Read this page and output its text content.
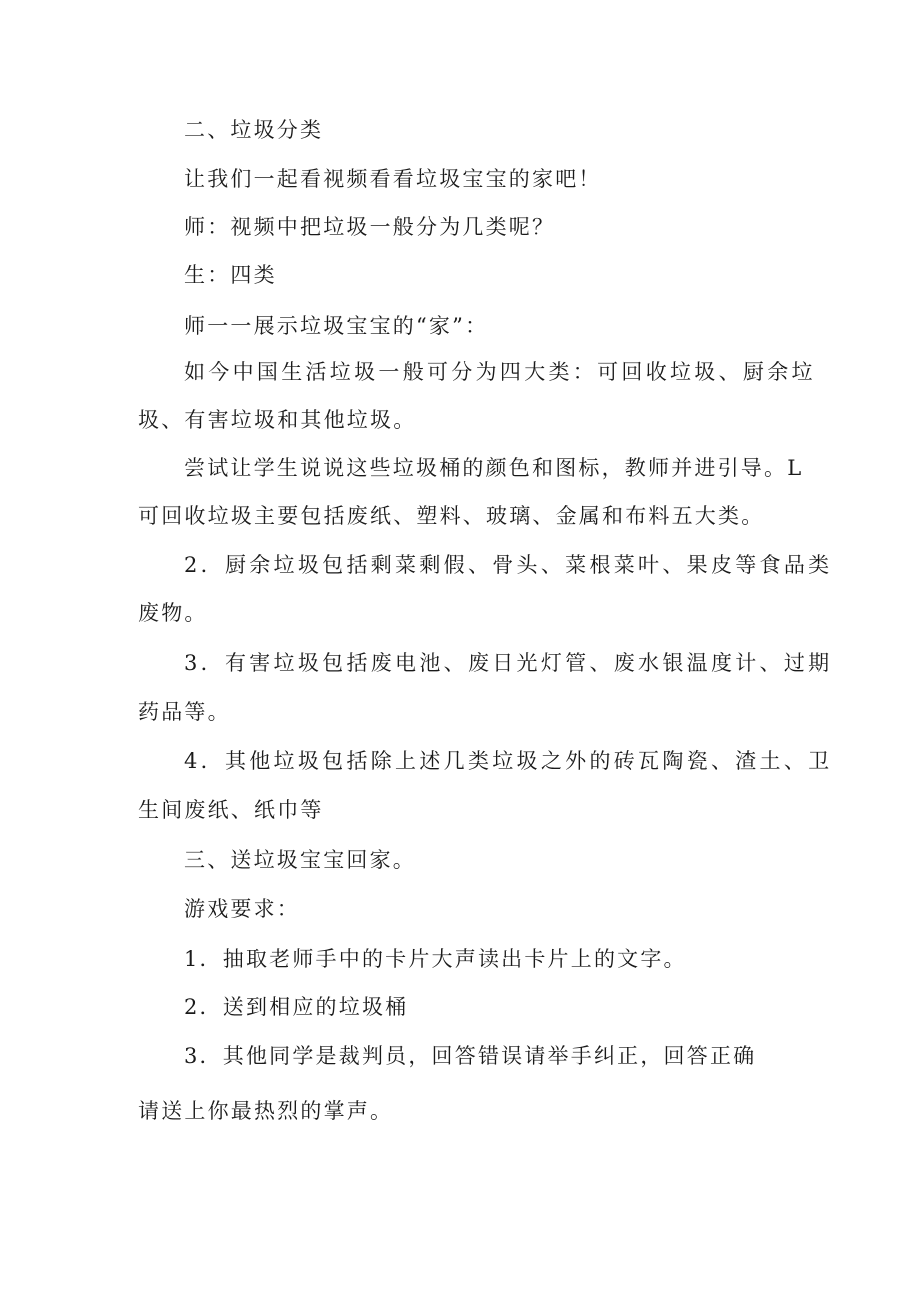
二、垃圾分类
让我们一起看视频看看垃圾宝宝的家吧！
师：视频中把垃圾一般分为几类呢？
生：四类
师一一展示垃圾宝宝的“家”：
如今中国生活垃圾一般可分为四大类：可回收垃圾、厨余垃
圾、有害垃圾和其他垃圾。
尝试让学生说说这些垃圾桶的颜色和图标，教师并进引导。L
可回收垃圾主要包括废纸、塑料、玻璃、金属和布料五大类。
2．厨余垃圾包括剩菜剩假、骨头、菜根菜叶、果皮等食品类
废物。
3．有害垃圾包括废电池、废日光灯管、废水银温度计、过期
药品等。
4．其他垃圾包括除上述几类垃圾之外的砖瓦陶瓷、渣土、卫
生间废纸、纸巾等
三、送垃圾宝宝回家。
游戏要求：
1．抽取老师手中的卡片大声读出卡片上的文字。
2．送到相应的垃圾桶
3．其他同学是裁判员，回答错误请举手纠正，回答正确
请送上你最热烈的掌声。
